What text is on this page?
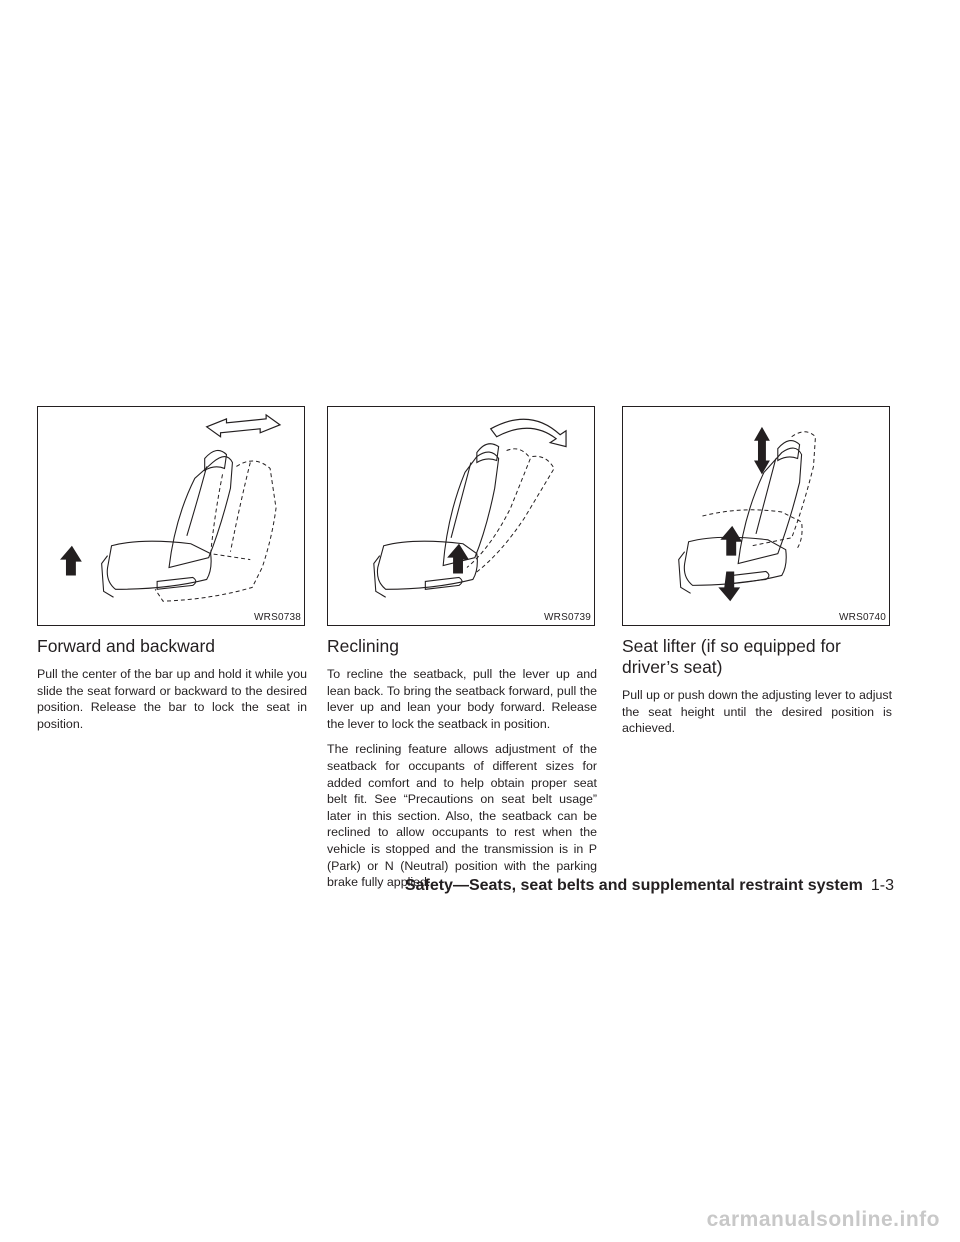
WRS0738
Forward and backward

Pull the center of the bar up and hold it while you slide the seat forward or backward to the desired position. Release the bar to lock the seat in position.

WRS0739
Reclining

To recline the seatback, pull the lever up and lean back. To bring the seatback forward, pull the lever up and lean your body forward. Release the lever to lock the seatback in position.

The reclining feature allows adjustment of the seatback for occupants of different sizes for added comfort and to help obtain proper seat belt fit. See “Precautions on seat belt usage” later in this section. Also, the seatback can be reclined to allow occupants to rest when the vehicle is stopped and the transmission is in P (Park) or N (Neutral) position with the parking brake fully applied.

WRS0740
Seat lifter (if so equipped for driver’s seat)

Pull up or push down the adjusting lever to adjust the seat height until the desired position is achieved.

Safety—Seats, seat belts and supplemental restraint system 1-3
carmanualsonline.info
